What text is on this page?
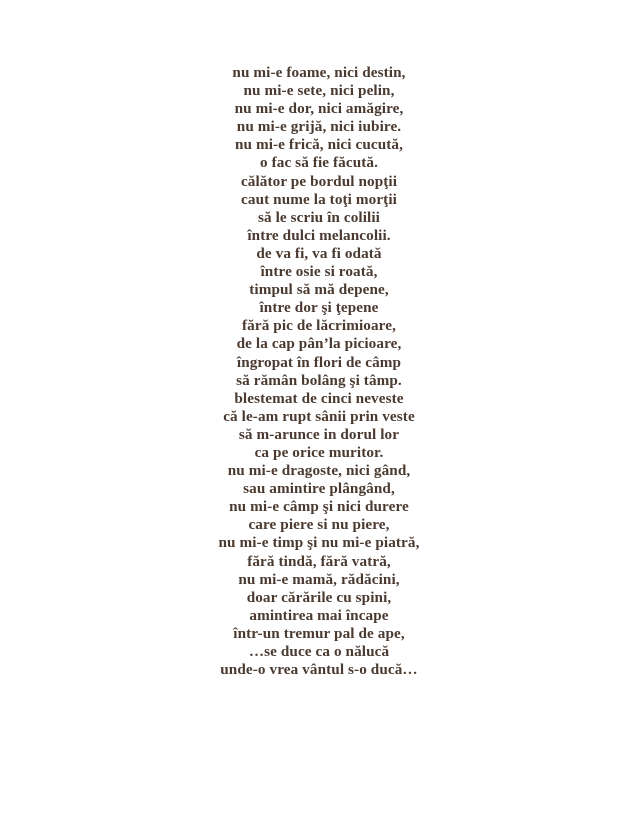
nu mi-e foame, nici destin,
nu mi-e sete, nici pelin,
nu mi-e dor, nici amăgire,
nu mi-e grijă, nici iubire.
nu mi-e frică, nici cucută,
o fac să fie făcută.
călător pe bordul nopţii
caut nume la toţi morţii
să le scriu în colilii
între dulci melancolii.
de va fi, va fi odată
între osie si roată,
timpul să mă depene,
între dor şi ţepene
fără pic de lăcrimioare,
de la cap pân’la picioare,
îngropat în flori de câmp
să rămân bolâng şi tâmp.
blestemat de cinci neveste
că le-am rupt sânii prin veste
să m-arunce in dorul lor
ca pe orice muritor.
nu mi-e dragoste, nici gând,
sau amintire plângând,
nu mi-e câmp şi nici durere
care piere si nu piere,
nu mi-e timp şi nu mi-e piatră,
fără tindă, fără vatră,
nu mi-e mamă, rădăcini,
doar cărările cu spini,
amintirea mai încape
într-un tremur pal de ape,
…se duce ca o nălucă
unde-o vrea vântul s-o ducă…
